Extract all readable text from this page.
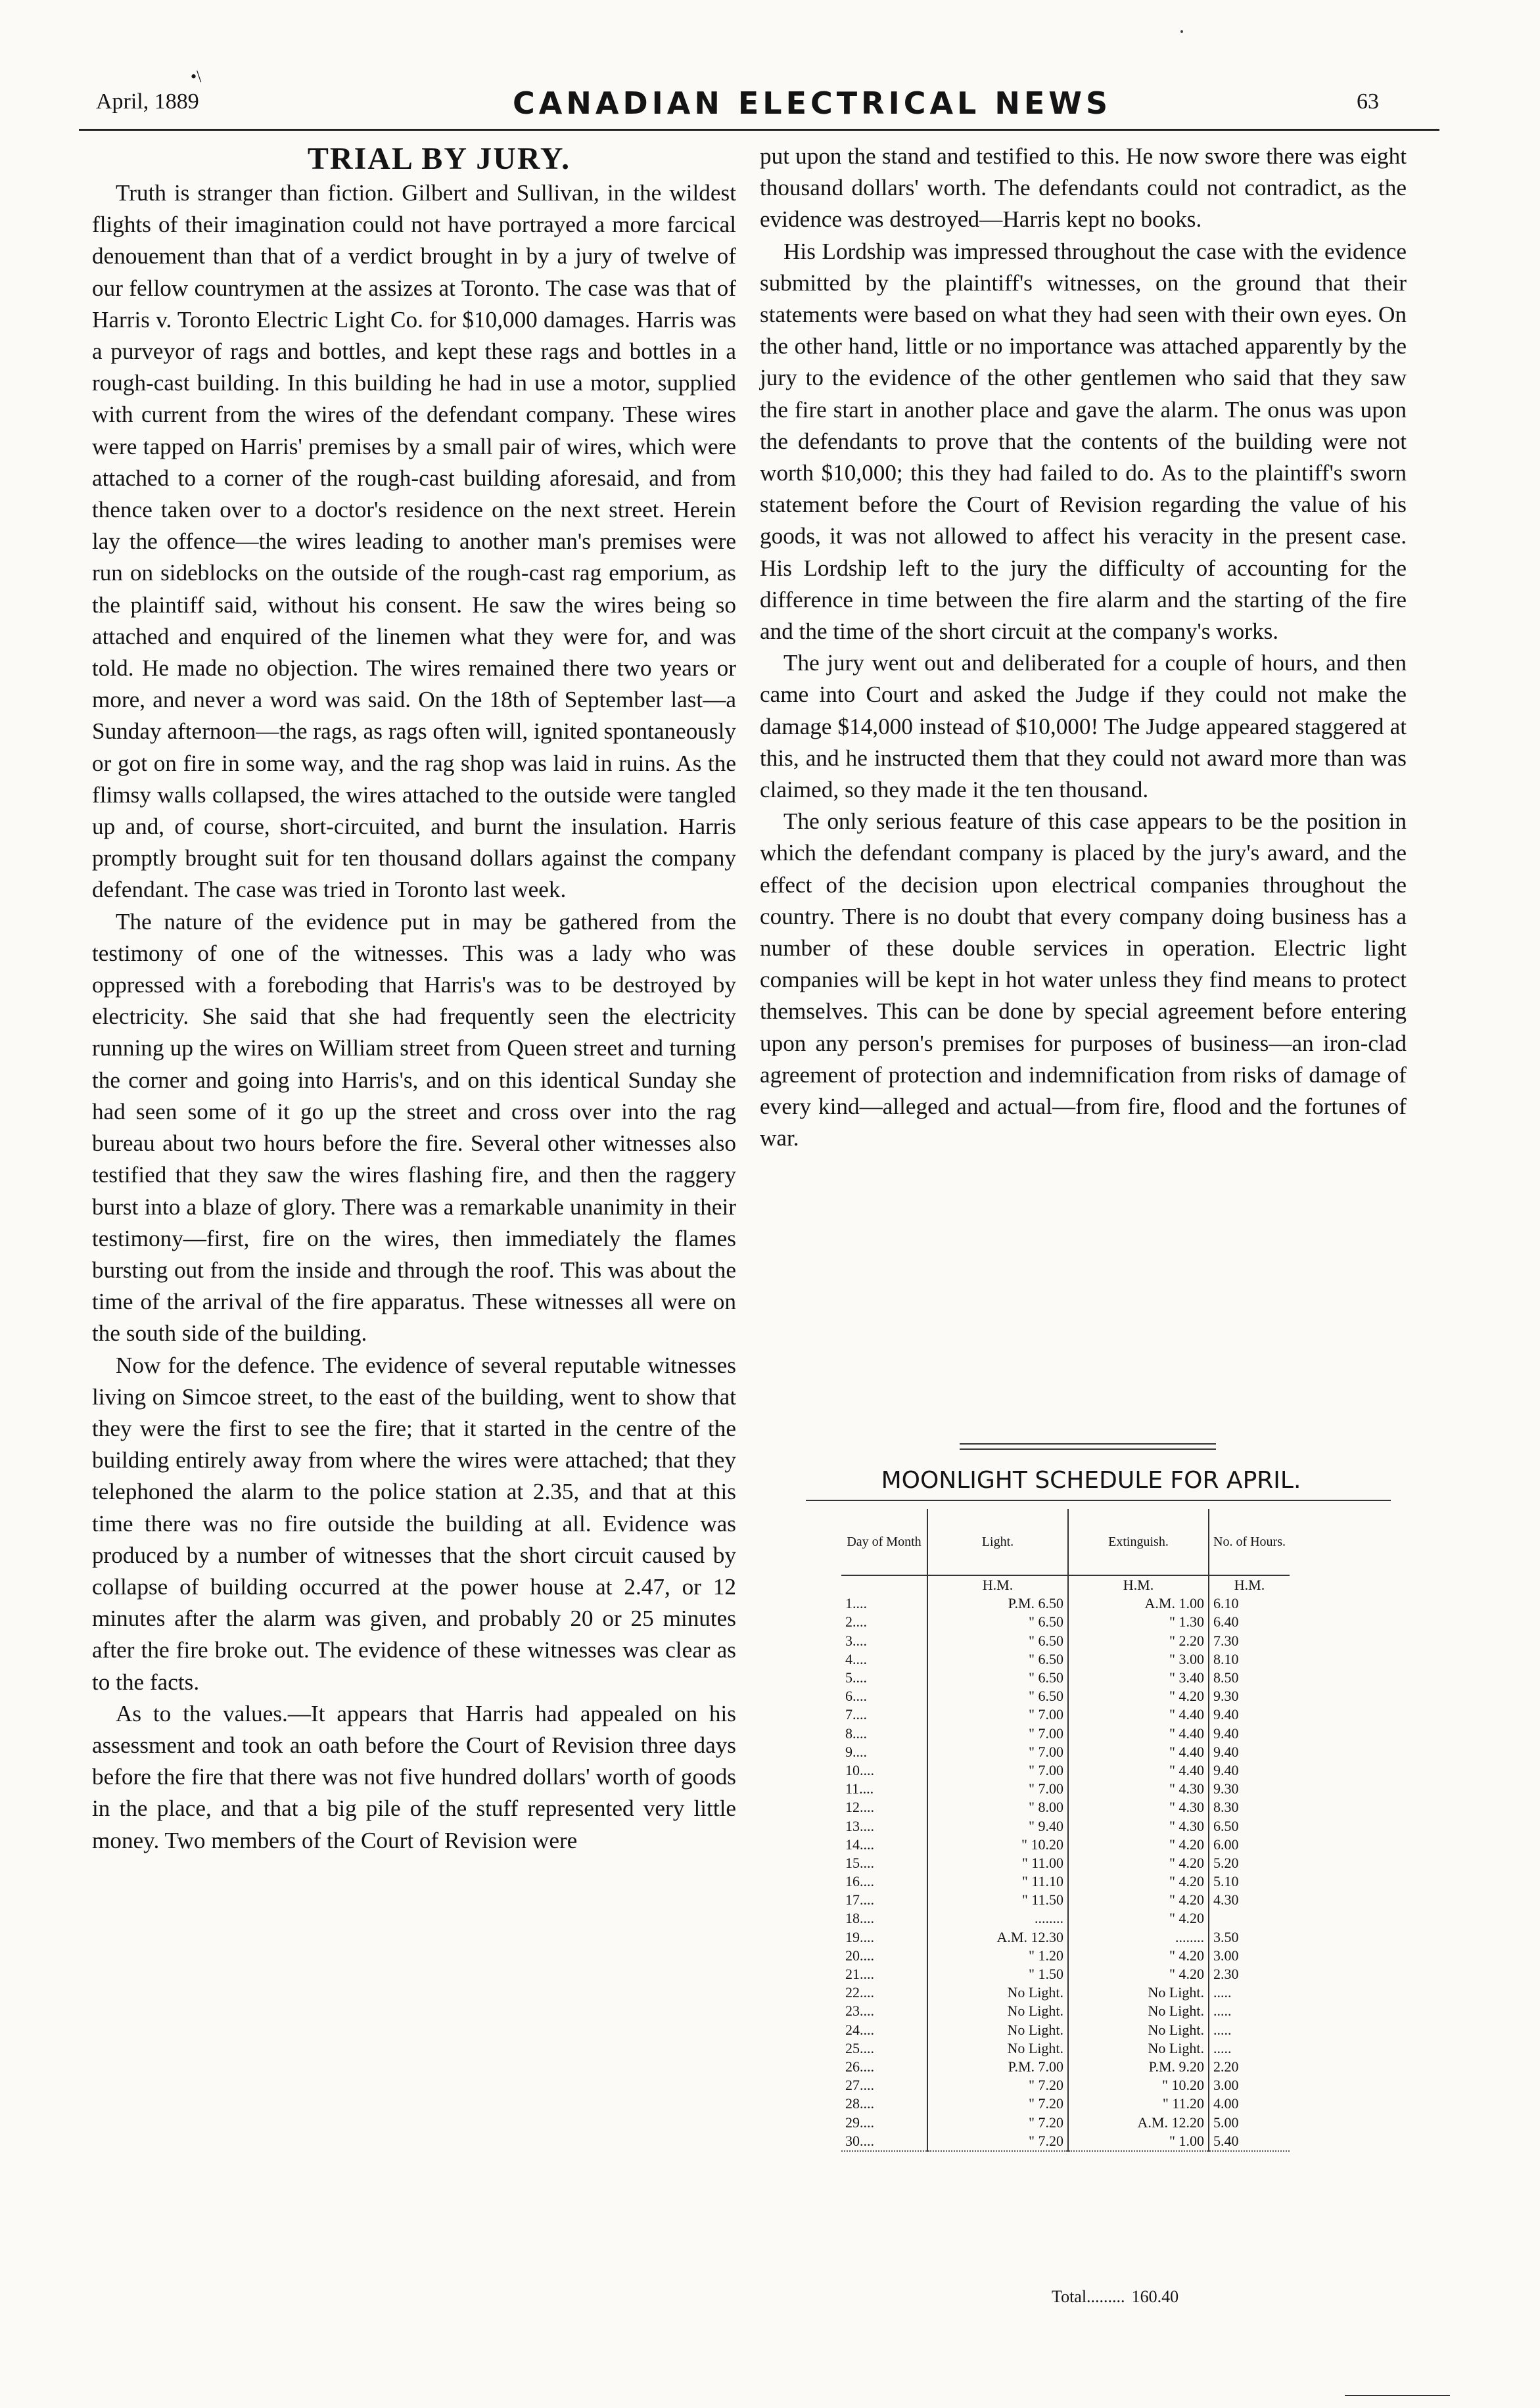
•\
April, 1889	CANADIAN ELECTRICAL NEWS	63

TRIAL BY JURY.

Truth is stranger than fiction. Gilbert and Sullivan, in the wildest flights of their imagination could not have portrayed a more farcical denouement than that of a verdict brought in by a jury of twelve of our fellow countrymen at the assizes at Toronto. The case was that of Harris v. Toronto Electric Light Co. for $10,000 damages. Harris was a purveyor of rags and bottles, and kept these rags and bottles in a rough-cast building. In this building he had in use a motor, supplied with current from the wires of the defendant company. These wires were tapped on Harris' premises by a small pair of wires, which were attached to a corner of the rough-cast building aforesaid, and from thence taken over to a doctor's residence on the next street. Herein lay the offence—the wires leading to another man's premises were run on sideblocks on the outside of the rough-cast rag emporium, as the plaintiff said, without his consent. He saw the wires being so attached and enquired of the linemen what they were for, and was told. He made no objection. The wires remained there two years or more, and never a word was said. On the 18th of September last—a Sunday afternoon—the rags, as rags often will, ignited spontaneously or got on fire in some way, and the rag shop was laid in ruins. As the flimsy walls collapsed, the wires attached to the outside were tangled up and, of course, short-circuited, and burnt the insulation. Harris promptly brought suit for ten thousand dollars against the company defendant. The case was tried in Toronto last week.

The nature of the evidence put in may be gathered from the testimony of one of the witnesses. This was a lady who was oppressed with a foreboding that Harris's was to be destroyed by electricity. She said that she had frequently seen the electricity running up the wires on William street from Queen street and turning the corner and going into Harris's, and on this identical Sunday she had seen some of it go up the street and cross over into the rag bureau about two hours before the fire. Several other witnesses also testified that they saw the wires flashing fire, and then the raggery burst into a blaze of glory. There was a remarkable unanimity in their testimony—first, fire on the wires, then immediately the flames bursting out from the inside and through the roof. This was about the time of the arrival of the fire apparatus. These witnesses all were on the south side of the building.

Now for the defence. The evidence of several reputable witnesses living on Simcoe street, to the east of the building, went to show that they were the first to see the fire; that it started in the centre of the building entirely away from where the wires were attached; that they telephoned the alarm to the police station at 2.35, and that at this time there was no fire outside the building at all. Evidence was produced by a number of witnesses that the short circuit caused by collapse of building occurred at the power house at 2.47, or 12 minutes after the alarm was given, and probably 20 or 25 minutes after the fire broke out. The evidence of these witnesses was clear as to the facts.

As to the values.—It appears that Harris had appealed on his assessment and took an oath before the Court of Revision three days before the fire that there was not five hundred dollars' worth of goods in the place, and that a big pile of the stuff represented very little money. Two members of the Court of Revision were

put upon the stand and testified to this. He now swore there was eight thousand dollars' worth. The defendants could not contradict, as the evidence was destroyed—Harris kept no books.

His Lordship was impressed throughout the case with the evidence submitted by the plaintiff's witnesses, on the ground that their statements were based on what they had seen with their own eyes. On the other hand, little or no importance was attached apparently by the jury to the evidence of the other gentlemen who said that they saw the fire start in another place and gave the alarm. The onus was upon the defendants to prove that the contents of the building were not worth $10,000; this they had failed to do. As to the plaintiff's sworn statement before the Court of Revision regarding the value of his goods, it was not allowed to affect his veracity in the present case. His Lordship left to the jury the difficulty of accounting for the difference in time between the fire alarm and the starting of the fire and the time of the short circuit at the company's works.

The jury went out and deliberated for a couple of hours, and then came into Court and asked the Judge if they could not make the damage $14,000 instead of $10,000! The Judge appeared staggered at this, and he instructed them that they could not award more than was claimed, so they made it the ten thousand.

The only serious feature of this case appears to be the position in which the defendant company is placed by the jury's award, and the effect of the decision upon electrical companies throughout the country. There is no doubt that every company doing business has a number of these double services in operation. Electric light companies will be kept in hot water unless they find means to protect themselves. This can be done by special agreement before entering upon any person's premises for purposes of business—an iron-clad agreement of protection and indemnification from risks of damage of every kind—alleged and actual—from fire, flood and the fortunes of war.

MOONLIGHT SCHEDULE FOR APRIL.
Day of Month	Light.	Extinguish.	No. of Hours.
	H.M.	H.M.	H.M.
1....	P.M. 6.50	A.M. 1.00	6.10
2....	" 6.50	" 1.30	6.40
3....	" 6.50	" 2.20	7.30
4....	" 6.50	" 3.00	8.10
5....	" 6.50	" 3.40	8.50
6....	" 6.50	" 4.20	9.30
7....	" 7.00	" 4.40	9.40
8....	" 7.00	" 4.40	9.40
9....	" 7.00	" 4.40	9.40
10....	" 7.00	" 4.40	9.40
11....	" 7.00	" 4.30	9.30
12....	" 8.00	" 4.30	8.30
13....	" 9.40	" 4.30	6.50
14....	" 10.20	" 4.20	6.00
15....	" 11.00	" 4.20	5.20
16....	" 11.10	" 4.20	5.10
17....	" 11.50	" 4.20	4.30
18....	........	" 4.20	
19....	A.M. 12.30	........	3.50
20....	" 1.20	" 4.20	3.00
21....	" 1.50	" 4.20	2.30
22....	No Light.	No Light.	.....
23....	No Light.	No Light.	.....
24....	No Light.	No Light.	.....
25....	No Light.	No Light.	.....
26....	P.M. 7.00	P.M. 9.20	2.20
27....	" 7.20	" 10.20	3.00
28....	" 7.20	" 11.20	4.00
29....	" 7.20	A.M. 12.20	5.00
30....	" 7.20	" 1.00	5.40
Total......... 160.40
